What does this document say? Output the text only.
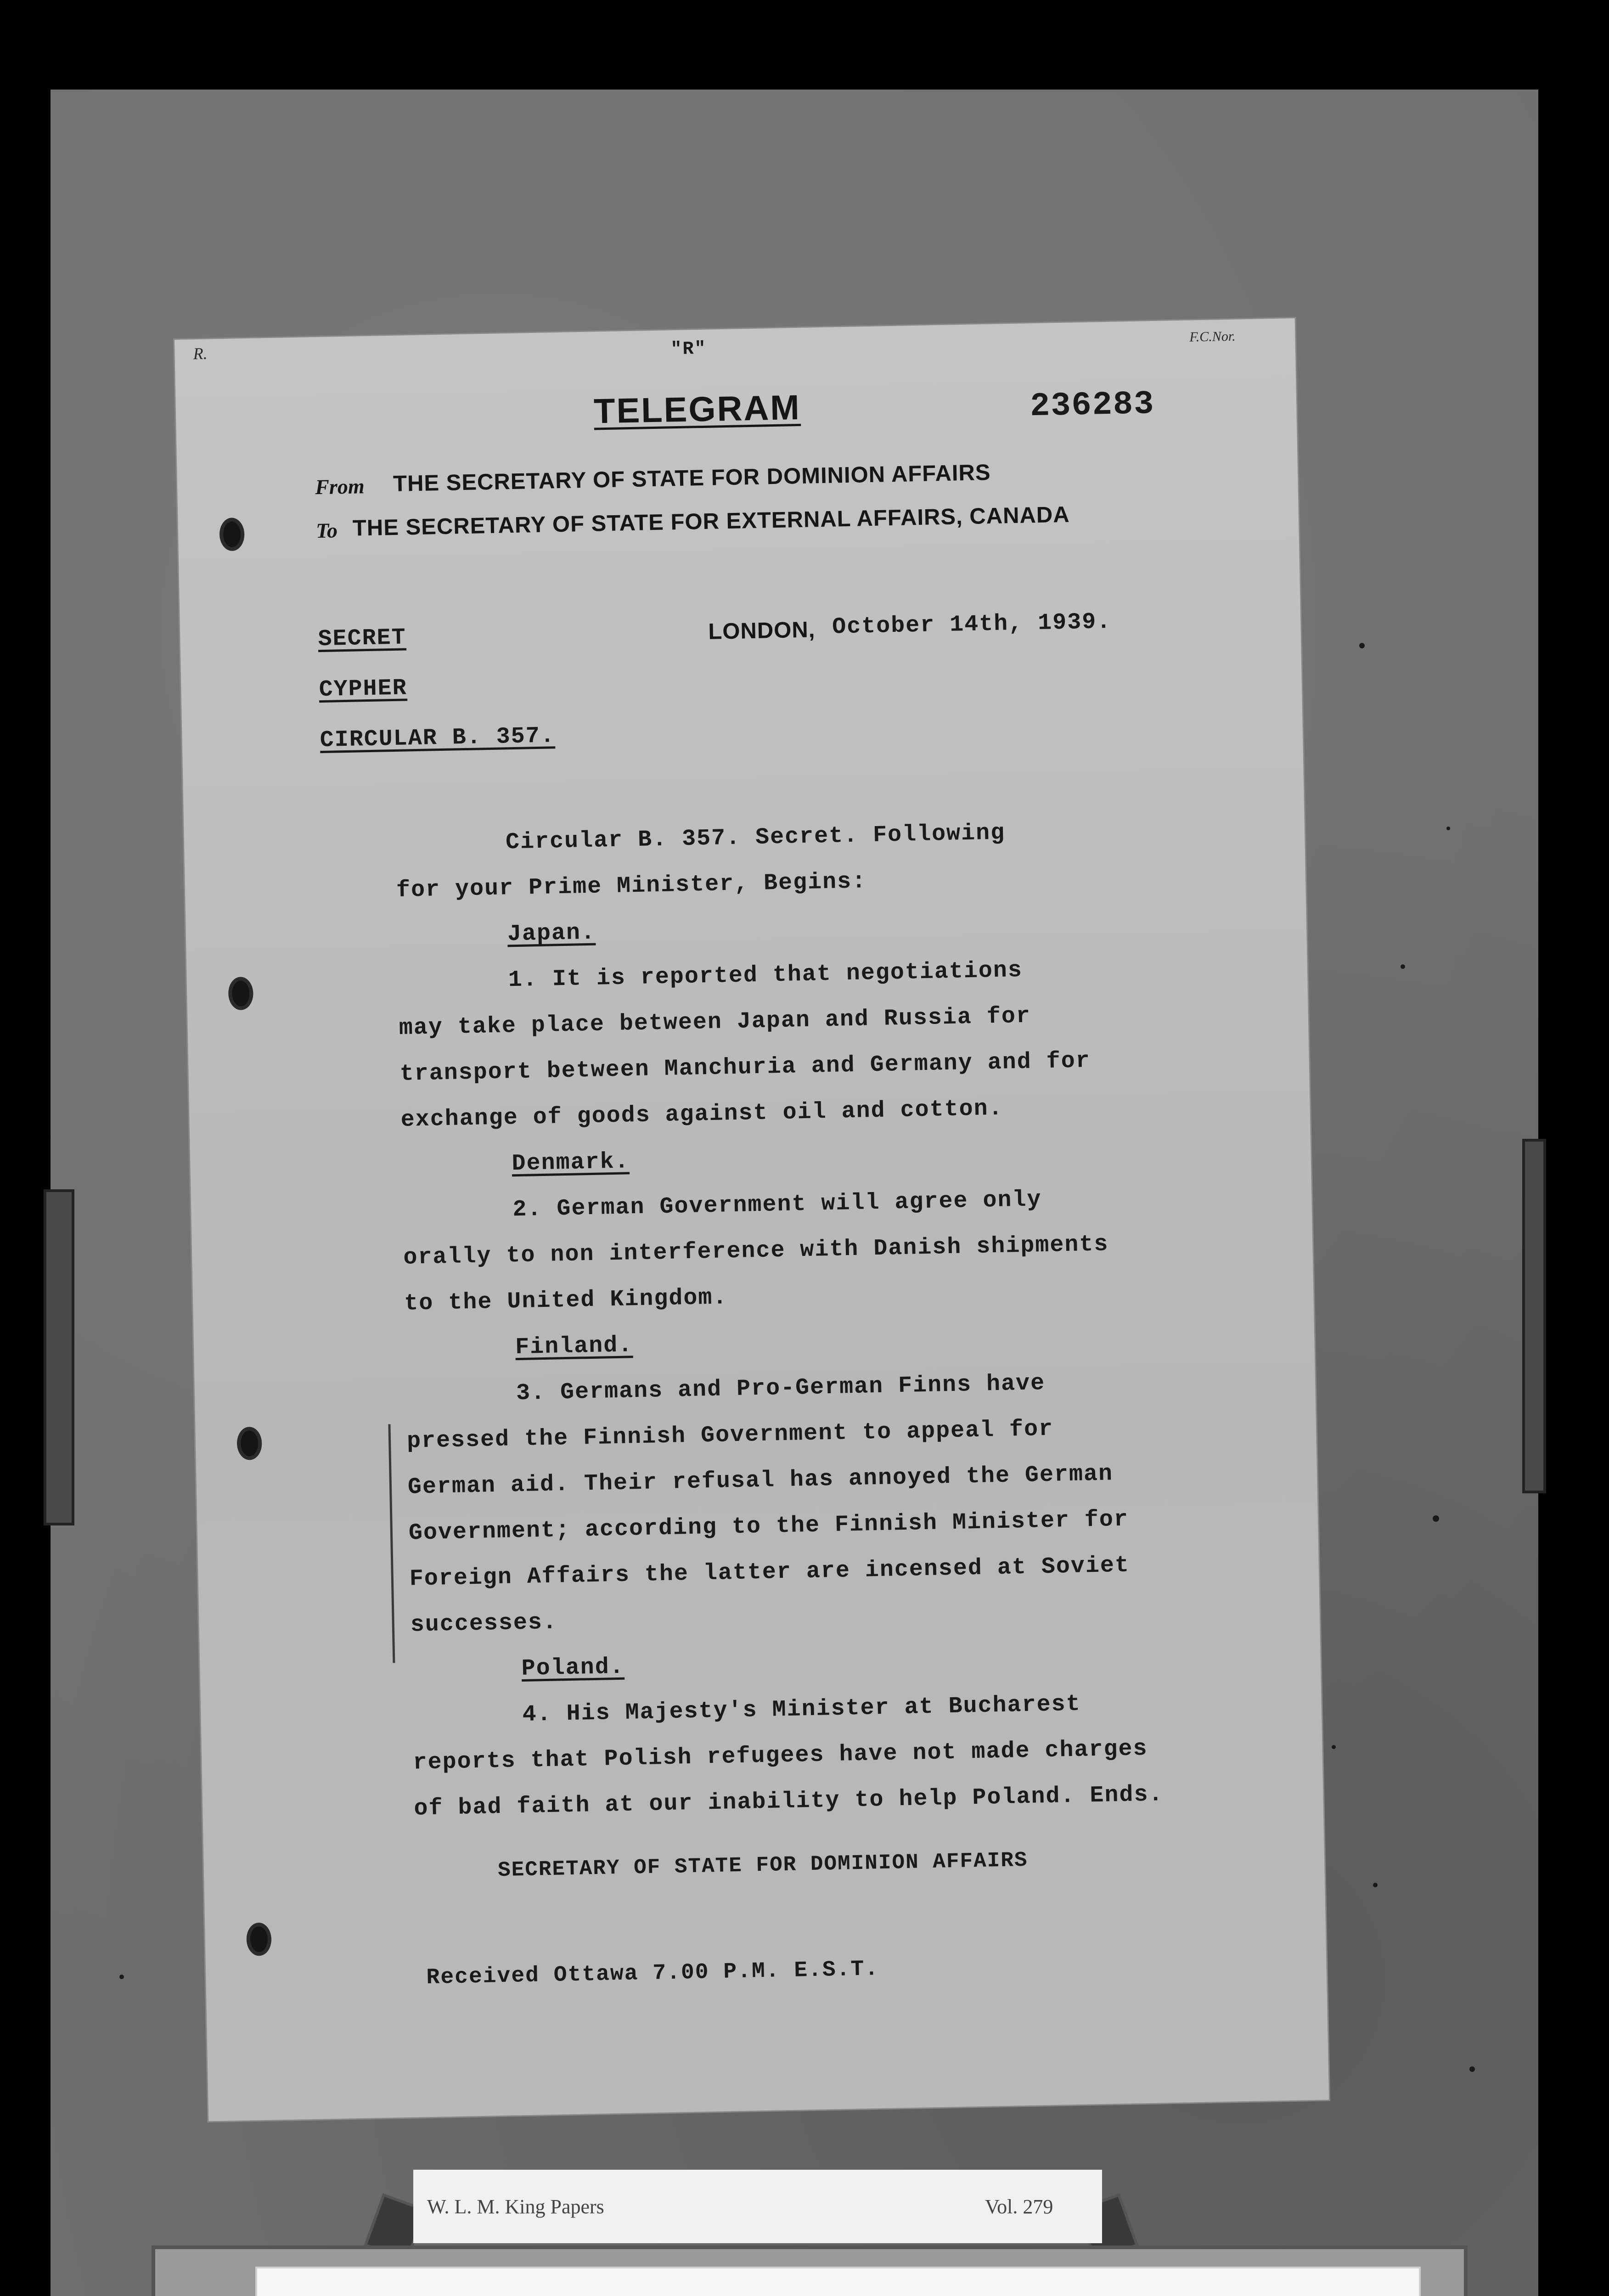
R.	"R"
F.C.Nor.
TELEGRAM	236283
From THE SECRETARY OF STATE FOR DOMINION AFFAIRS
To THE SECRETARY OF STATE FOR EXTERNAL AFFAIRS, CANADA
SECRET
CYPHER
CIRCULAR B. 357.
LONDON, October 14th, 1939.
Circular B. 357. Secret. Following
for your Prime Minister, Begins:
Japan.
1. It is reported that negotiations
may take place between Japan and Russia for
transport between Manchuria and Germany and for
exchange of goods against oil and cotton.
Denmark.
2. German Government will agree only
orally to non interference with Danish shipments
to the United Kingdom.
Finland.
3. Germans and Pro-German Finns have
pressed the Finnish Government to appeal for
German aid. Their refusal has annoyed the German
Government; according to the Finnish Minister for
Foreign Affairs the latter are incensed at Soviet
successes.
Poland.
4. His Majesty's Minister at Bucharest
reports that Polish refugees have not made charges
of bad faith at our inability to help Poland. Ends.
SECRETARY OF STATE FOR DOMINION AFFAIRS
Received Ottawa 7.00 P.M. E.S.T.
W. L. M. King Papers	Vol. 279
